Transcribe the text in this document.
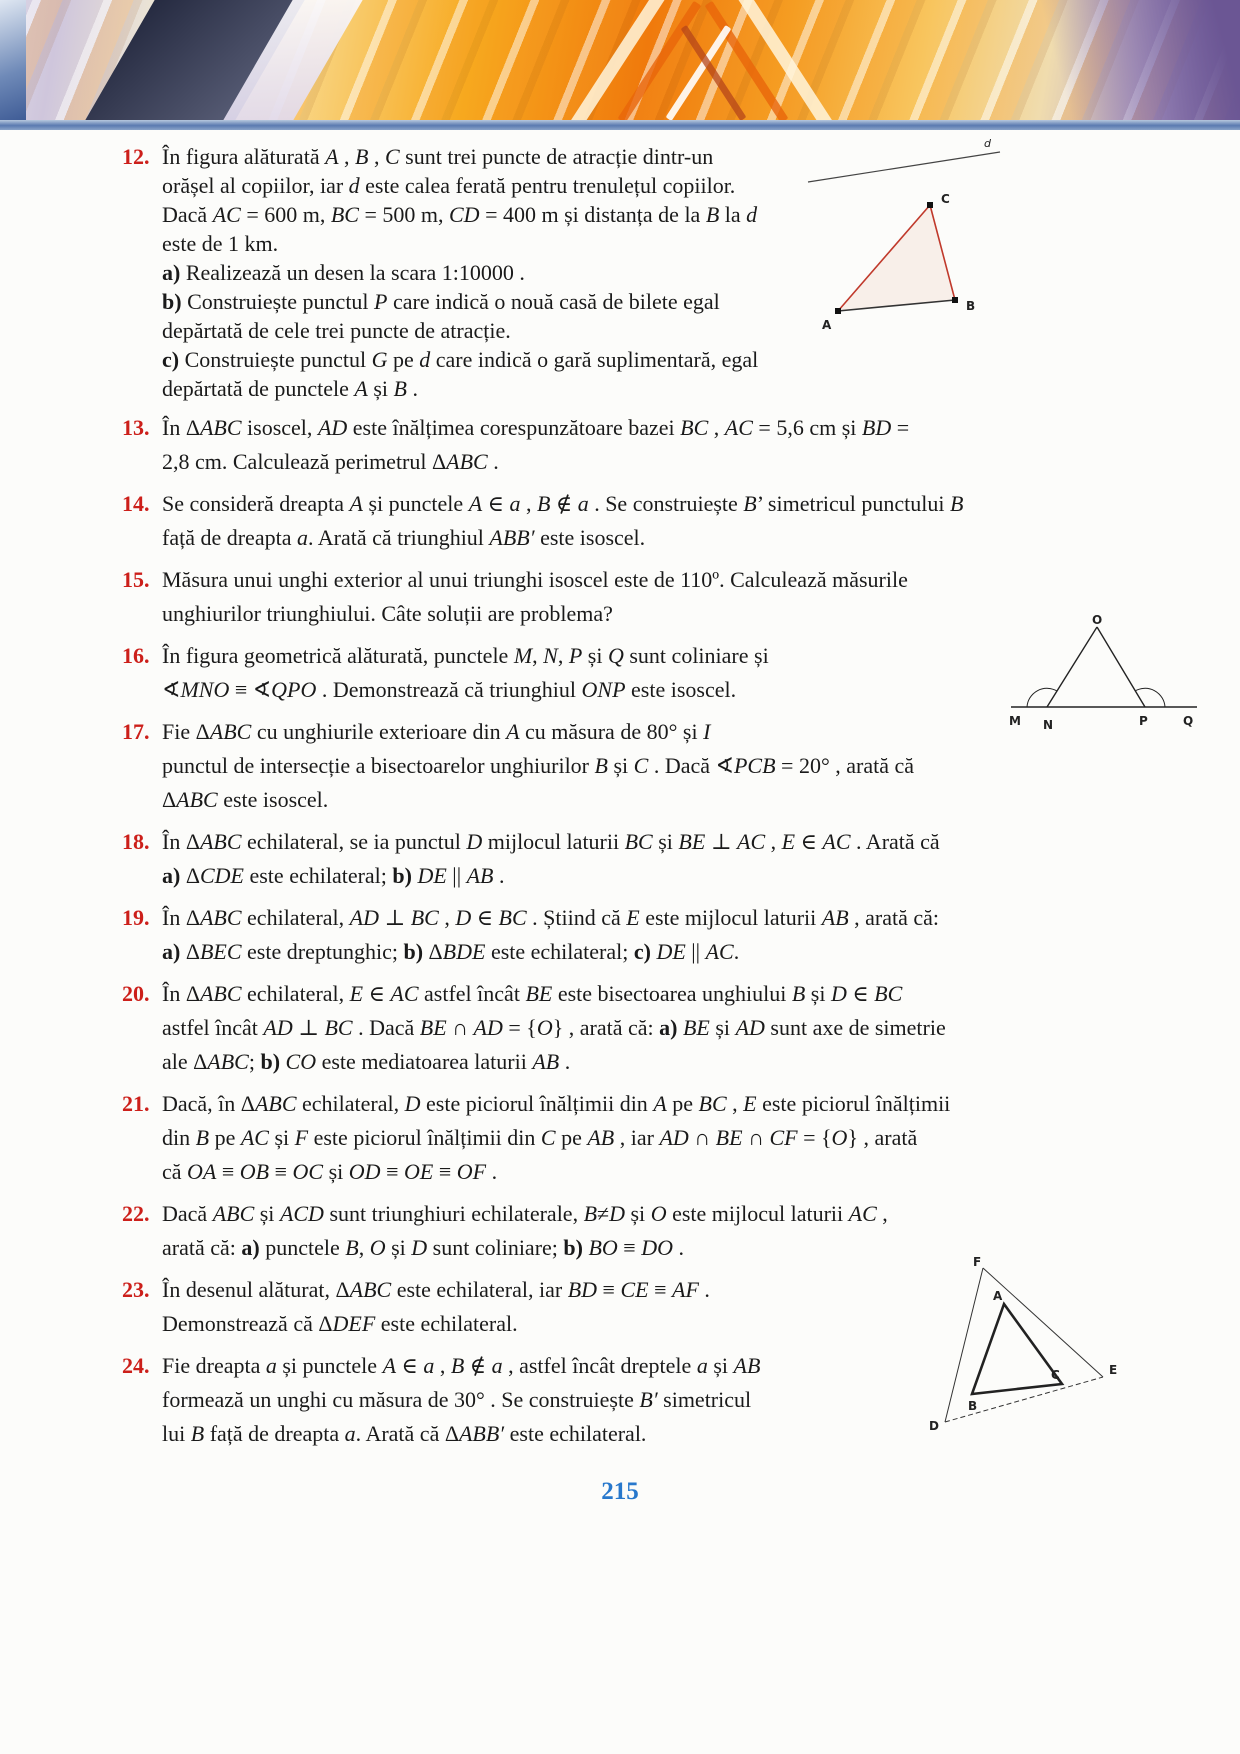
12. În figura alăturată A , B , C sunt trei puncte de atracție dintr-un
orășel al copiilor, iar d este calea ferată pentru trenulețul copiilor.
Dacă AC = 600 m, BC = 500 m, CD = 400 m și distanța de la B la d
este de 1 km.
a) Realizează un desen la scara 1:10000 .
b) Construiește punctul P care indică o nouă casă de bilete egal
depărtată de cele trei puncte de atracție.
c) Construiește punctul G pe d care indică o gară suplimentară, egal
depărtată de punctele A și B .
13. În ΔABC isoscel, AD este înălțimea corespunzătoare bazei BC , AC = 5,6 cm și BD =
2,8 cm. Calculează perimetrul ΔABC .
14. Se consideră dreapta A și punctele A ∈ a , B ∉ a . Se construiește B’ simetricul punctului B
față de dreapta a. Arată că triunghiul ABB′ este isoscel.
15. Măsura unui unghi exterior al unui triunghi isoscel este de 110º. Calculează măsurile
unghiurilor triunghiului. Câte soluții are problema?
16. În figura geometrică alăturată, punctele M, N, P și Q sunt coliniare și
∢MNO ≡ ∢QPO . Demonstrează că triunghiul ONP este isoscel.
17. Fie ΔABC cu unghiurile exterioare din A cu măsura de 80° și I
punctul de intersecție a bisectoarelor unghiurilor B și C . Dacă ∢PCB = 20° , arată că
ΔABC este isoscel.
18. În ΔABC echilateral, se ia punctul D mijlocul laturii BC și BE ⊥ AC , E ∈ AC . Arată că
a) ΔCDE este echilateral; b) DE || AB .
19. În ΔABC echilateral, AD ⊥ BC , D ∈ BC . Știind că E este mijlocul laturii AB , arată că:
a) ΔBEC este dreptunghic; b) ΔBDE este echilateral; c) DE || AC.
20. În ΔABC echilateral, E ∈ AC astfel încât BE este bisectoarea unghiului B și D ∈ BC
astfel încât AD ⊥ BC . Dacă BE ∩ AD = {O} , arată că: a) BE și AD sunt axe de simetrie
ale ΔABC; b) CO este mediatoarea laturii AB .
21. Dacă, în ΔABC echilateral, D este piciorul înălțimii din A pe BC , E este piciorul înălțimii
din B pe AC și F este piciorul înălțimii din C pe AB , iar AD ∩ BE ∩ CF = {O} , arată
că OA ≡ OB ≡ OC și OD ≡ OE ≡ OF .
22. Dacă ABC și ACD sunt triunghiuri echilaterale, B≠D și O este mijlocul laturii AC ,
arată că: a) punctele B, O și D sunt coliniare; b) BO ≡ DO .
23. În desenul alăturat, ΔABC este echilateral, iar BD ≡ CE ≡ AF .
Demonstrează că ΔDEF este echilateral.
24. Fie dreapta a și punctele A ∈ a , B ∉ a , astfel încât dreptele a și AB
formează un unghi cu măsura de 30° . Se construiește B′ simetricul
lui B față de dreapta a. Arată că ΔABB′ este echilateral.
d
A
B
C
O
M N	P	Q
F
A
B
C	E
D
215
